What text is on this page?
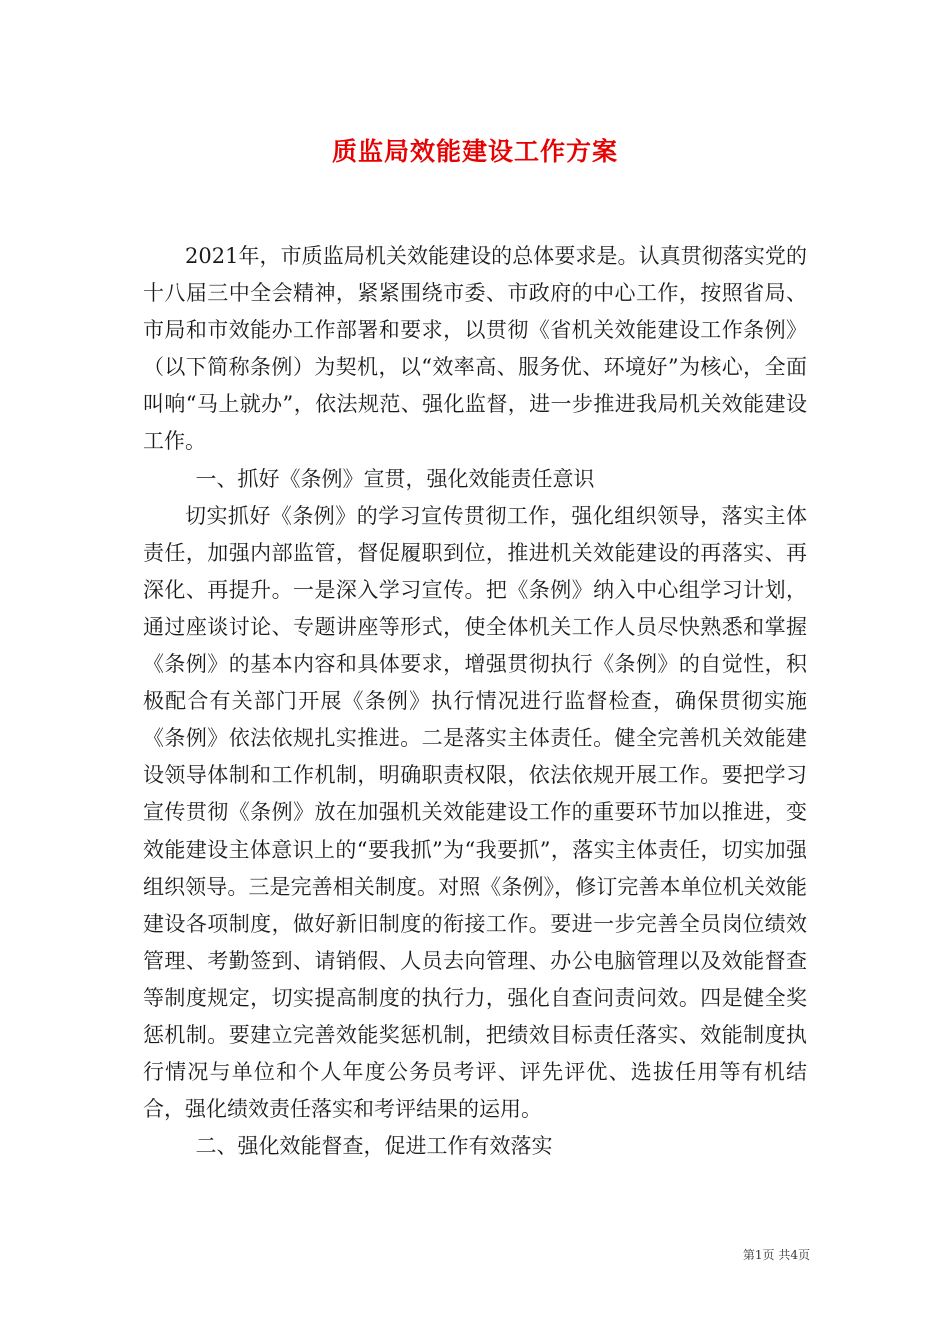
质监局效能建设工作方案

2021年，市质监局机关效能建设的总体要求是。认真贯彻落实党的十八届三中全会精神，紧紧围绕市委、市政府的中心工作，按照省局、市局和市效能办工作部署和要求，以贯彻《省机关效能建设工作条例》（以下简称条例）为契机，以“效率高、服务优、环境好”为核心，全面叫响“马上就办”，依法规范、强化监督，进一步推进我局机关效能建设工作。

一、抓好《条例》宣贯，强化效能责任意识

切实抓好《条例》的学习宣传贯彻工作，强化组织领导，落实主体责任，加强内部监管，督促履职到位，推进机关效能建设的再落实、再深化、再提升。一是深入学习宣传。把《条例》纳入中心组学习计划，通过座谈讨论、专题讲座等形式，使全体机关工作人员尽快熟悉和掌握《条例》的基本内容和具体要求，增强贯彻执行《条例》的自觉性，积极配合有关部门开展《条例》执行情况进行监督检查，确保贯彻实施《条例》依法依规扎实推进。二是落实主体责任。健全完善机关效能建设领导体制和工作机制，明确职责权限，依法依规开展工作。要把学习宣传贯彻《条例》放在加强机关效能建设工作的重要环节加以推进，变效能建设主体意识上的“要我抓”为“我要抓”，落实主体责任，切实加强组织领导。三是完善相关制度。对照《条例》，修订完善本单位机关效能建设各项制度，做好新旧制度的衔接工作。要进一步完善全员岗位绩效管理、考勤签到、请销假、人员去向管理、办公电脑管理以及效能督查等制度规定，切实提高制度的执行力，强化自查问责问效。四是健全奖惩机制。要建立完善效能奖惩机制，把绩效目标责任落实、效能制度执行情况与单位和个人年度公务员考评、评先评优、选拔任用等有机结合，强化绩效责任落实和考评结果的运用。

二、强化效能督查，促进工作有效落实

第1页 共4页
